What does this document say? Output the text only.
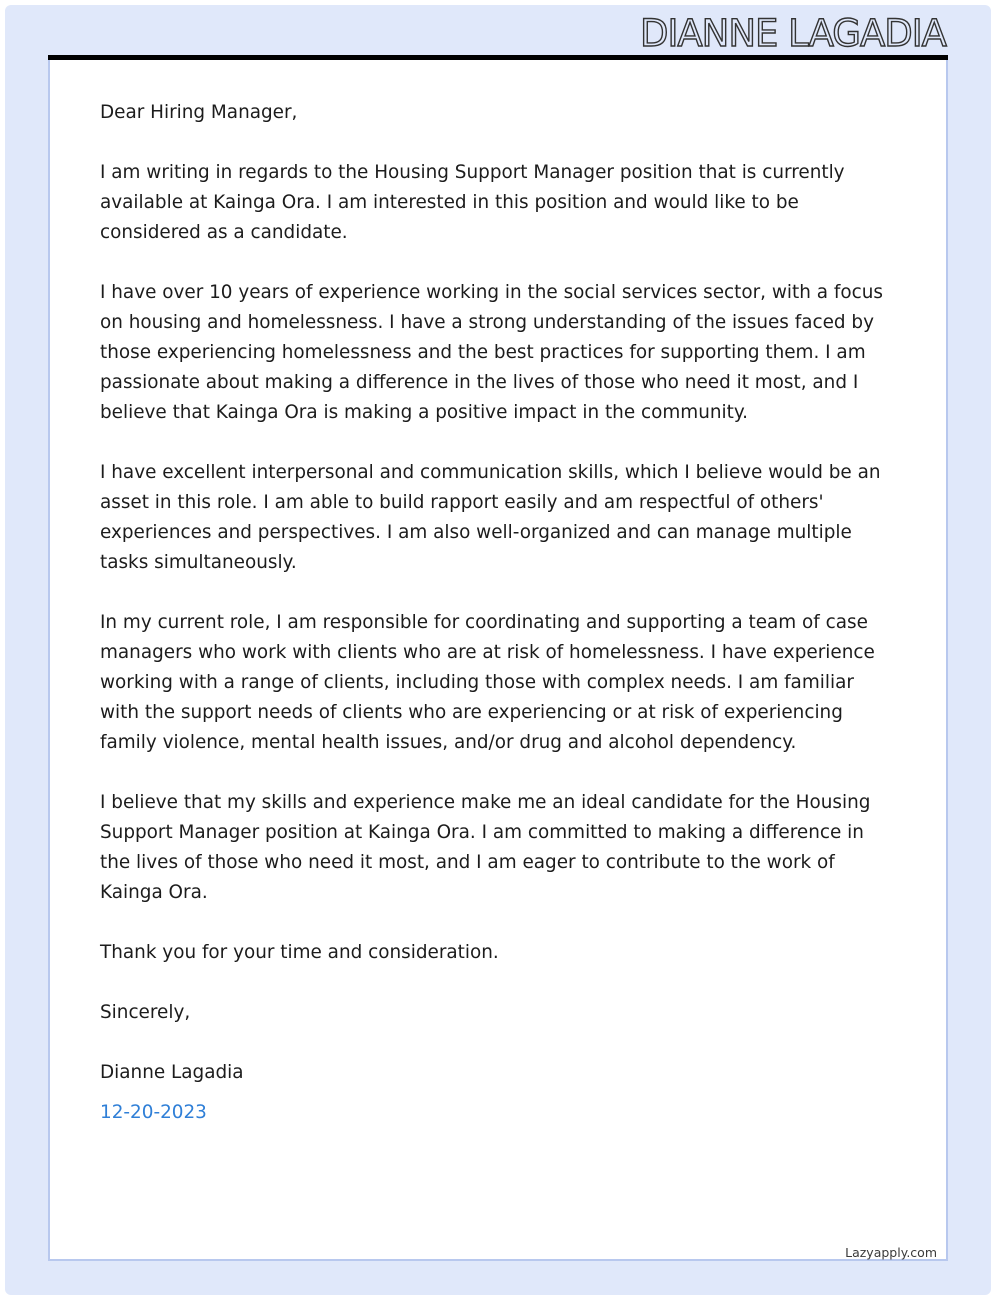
DIANNE LAGADIA

Dear Hiring Manager,

I am writing in regards to the Housing Support Manager position that is currently available at Kainga Ora. I am interested in this position and would like to be considered as a candidate.

I have over 10 years of experience working in the social services sector, with a focus on housing and homelessness. I have a strong understanding of the issues faced by those experiencing homelessness and the best practices for supporting them. I am passionate about making a difference in the lives of those who need it most, and I believe that Kainga Ora is making a positive impact in the community.

I have excellent interpersonal and communication skills, which I believe would be an asset in this role. I am able to build rapport easily and am respectful of others' experiences and perspectives. I am also well-organized and can manage multiple tasks simultaneously.

In my current role, I am responsible for coordinating and supporting a team of case managers who work with clients who are at risk of homelessness. I have experience working with a range of clients, including those with complex needs. I am familiar with the support needs of clients who are experiencing or at risk of experiencing family violence, mental health issues, and/or drug and alcohol dependency.

I believe that my skills and experience make me an ideal candidate for the Housing Support Manager position at Kainga Ora. I am committed to making a difference in the lives of those who need it most, and I am eager to contribute to the work of Kainga Ora.

Thank you for your time and consideration.

Sincerely,

Dianne Lagadia

12-20-2023

Lazyapply.com
